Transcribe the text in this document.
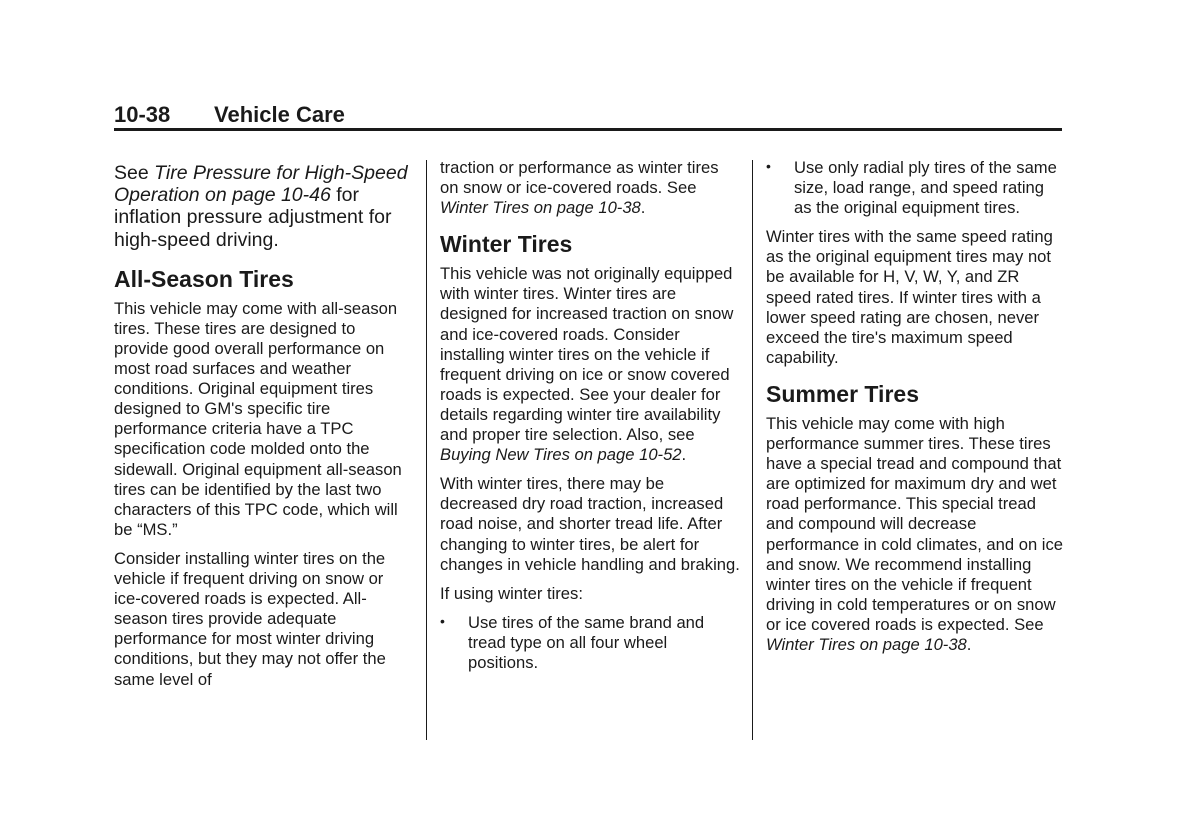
10-38 Vehicle Care

See Tire Pressure for High-Speed Operation on page 10-46 for inflation pressure adjustment for high-speed driving.

All-Season Tires

This vehicle may come with all-season tires. These tires are designed to provide good overall performance on most road surfaces and weather conditions. Original equipment tires designed to GM's specific tire performance criteria have a TPC specification code molded onto the sidewall. Original equipment all-season tires can be identified by the last two characters of this TPC code, which will be “MS.”

Consider installing winter tires on the vehicle if frequent driving on snow or ice-covered roads is expected. All-season tires provide adequate performance for most winter driving conditions, but they may not offer the same level of

traction or performance as winter tires on snow or ice-covered roads. See Winter Tires on page 10-38.

Winter Tires

This vehicle was not originally equipped with winter tires. Winter tires are designed for increased traction on snow and ice-covered roads. Consider installing winter tires on the vehicle if frequent driving on ice or snow covered roads is expected. See your dealer for details regarding winter tire availability and proper tire selection. Also, see Buying New Tires on page 10-52.

With winter tires, there may be decreased dry road traction, increased road noise, and shorter tread life. After changing to winter tires, be alert for changes in vehicle handling and braking.

If using winter tires:

• Use tires of the same brand and tread type on all four wheel positions.
• Use only radial ply tires of the same size, load range, and speed rating as the original equipment tires.

Winter tires with the same speed rating as the original equipment tires may not be available for H, V, W, Y, and ZR speed rated tires. If winter tires with a lower speed rating are chosen, never exceed the tire's maximum speed capability.

Summer Tires

This vehicle may come with high performance summer tires. These tires have a special tread and compound that are optimized for maximum dry and wet road performance. This special tread and compound will decrease performance in cold climates, and on ice and snow. We recommend installing winter tires on the vehicle if frequent driving in cold temperatures or on snow or ice covered roads is expected. See Winter Tires on page 10-38.
